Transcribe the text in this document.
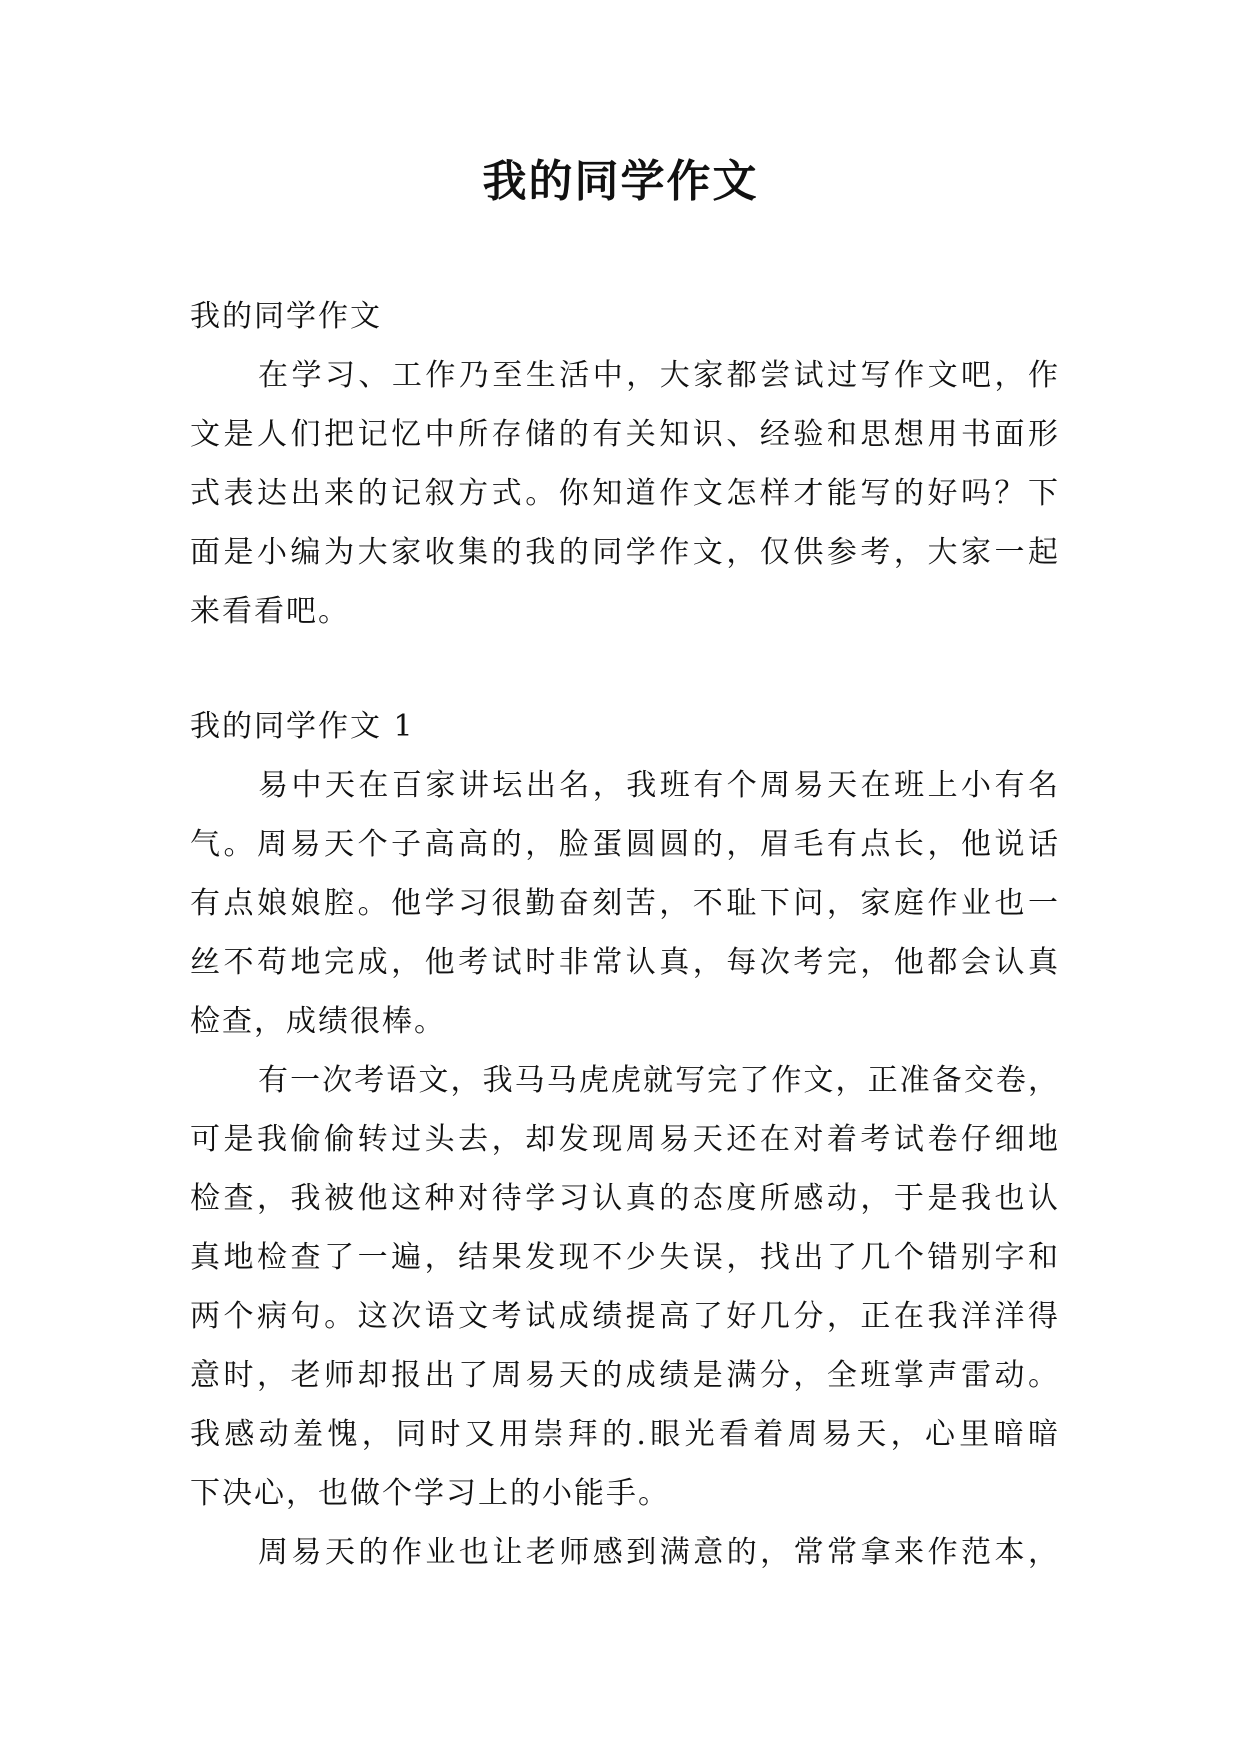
我的同学作文
我的同学作文
在学习、工作乃至生活中，大家都尝试过写作文吧，作
文是人们把记忆中所存储的有关知识、经验和思想用书面形
式表达出来的记叙方式。你知道作文怎样才能写的好吗？下
面是小编为大家收集的我的同学作文，仅供参考，大家一起
来看看吧。
我的同学作文 1
易中天在百家讲坛出名，我班有个周易天在班上小有名
气。周易天个子高高的，脸蛋圆圆的，眉毛有点长，他说话
有点娘娘腔。他学习很勤奋刻苦，不耻下问，家庭作业也一
丝不苟地完成，他考试时非常认真，每次考完，他都会认真
检查，成绩很棒。
有一次考语文，我马马虎虎就写完了作文，正准备交卷，
可是我偷偷转过头去，却发现周易天还在对着考试卷仔细地
检查，我被他这种对待学习认真的态度所感动，于是我也认
真地检查了一遍，结果发现不少失误，找出了几个错别字和
两个病句。这次语文考试成绩提高了好几分，正在我洋洋得
意时，老师却报出了周易天的成绩是满分，全班掌声雷动。
我感动羞愧，同时又用崇拜的.眼光看着周易天，心里暗暗
下决心，也做个学习上的小能手。
周易天的作业也让老师感到满意的，常常拿来作范本，
